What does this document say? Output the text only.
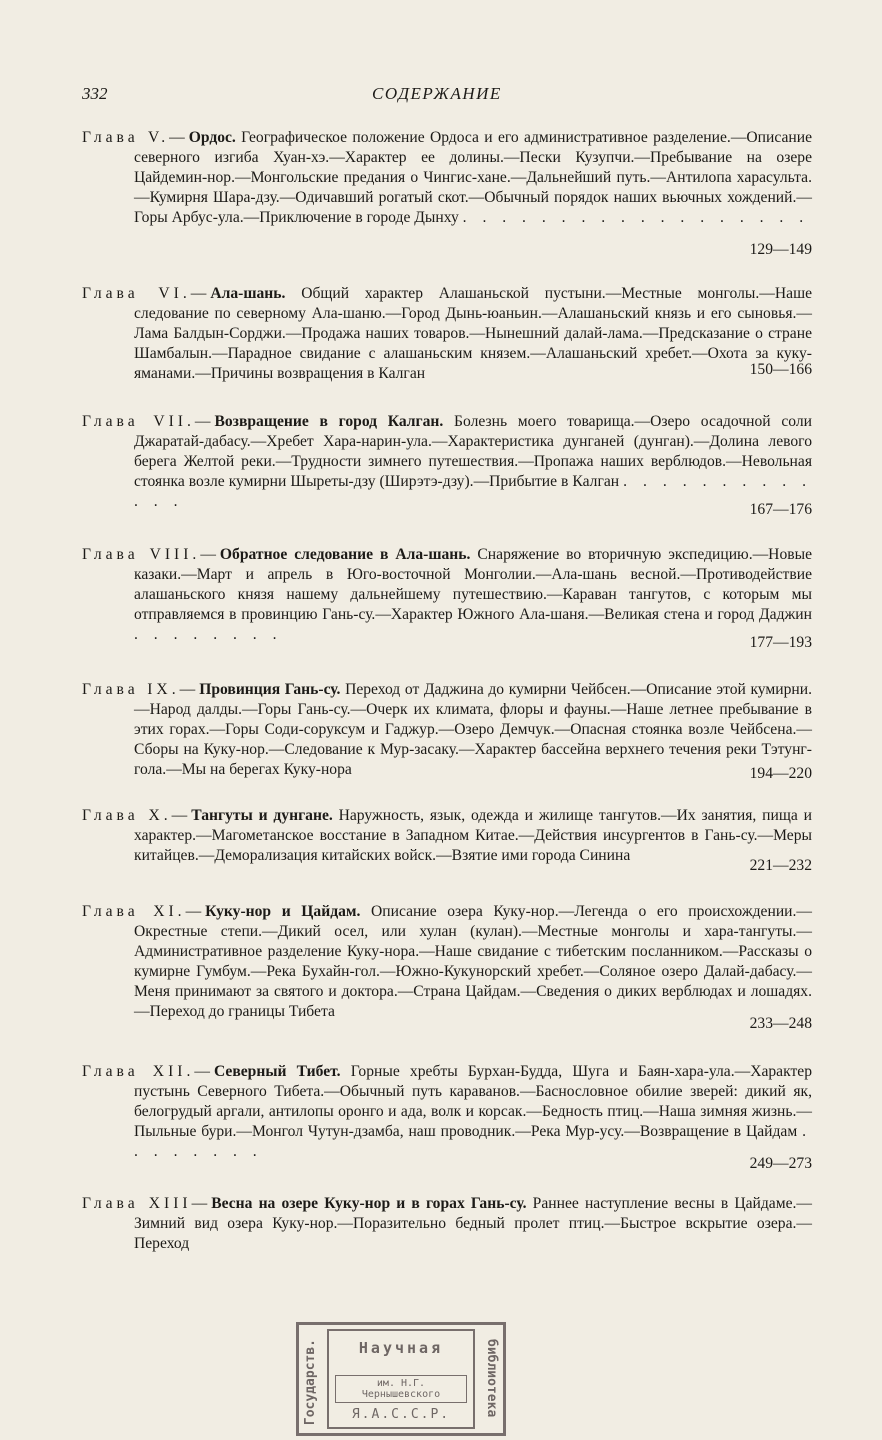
332	СОДЕРЖАНИЕ

Глава V.—Ордос. Географическое положение Ордоса и его административное разделение.—Описание северного изгиба Хуан-хэ.—Характер ее долины.—Пески Кузупчи.—Пребывание на озере Цайдемин-нор.—Монгольские предания о Чингис-хане.—Дальнейший путь.—Антилопа харасульта.—Кумирня Шара-дзу.—Одичавший рогатый скот.—Обычный порядок наших вьючных хождений.—Горы Арбус-ула.—Приключение в городе Дынху . . . . . . . . . . . . . . . . . .

129—149

Глава VI.—Ала-шань. Общий характер Алашаньской пустыни.—Местные монголы.—Наше следование по северному Ала-шаню.—Город Дынь-юаньин.—Алашаньский князь и его сыновья.—Лама Балдын-Сорджи.—Продажа наших товаров.—Нынешний далай-лама.—Предсказание о стране Шамбалын.—Парадное свидание с алашаньским князем.—Алашаньский хребет.—Охота за куку-яманами.—Причины возвращения в Калган	150—166

Глава VII.—Возвращение в город Калган. Болезнь моего товарища.—Озеро осадочной соли Джаратай-дабасу.—Хребет Хара-нарин-ула.—Характеристика дунганей (дунган).—Долина левого берега Желтой реки.—Трудности зимнего путешествия.—Пропажа наших верблюдов.—Невольная стоянка возле кумирни Шыреты-дзу (Ширэтэ-дзу).—Прибытие в Калган . . . . . . . . . . . . .	167—176

Глава VIII.—Обратное следование в Ала-шань. Снаряжение во вторичную экспедицию.—Новые казаки.—Март и апрель в Юго-восточной Монголии.—Ала-шань весной.—Противодействие алашаньского князя нашему дальнейшему путешествию.—Караван тангутов, с которым мы отправляемся в провинцию Гань-су.—Характер Южного Ала-шаня.—Великая стена и город Даджин . . . . . . . .	177—193

Глава IX.—Провинция Гань-су. Переход от Даджина до кумирни Чейбсен.—Описание этой кумирни.—Народ далды.—Горы Гань-су.—Очерк их климата, флоры и фауны.—Наше летнее пребывание в этих горах.—Горы Соди-соруксум и Гаджур.—Озеро Демчук.—Опасная стоянка возле Чейбсена.—Сборы на Куку-нор.—Следование к Мур-засаку.—Характер бассейна верхнего течения реки Тэтунг-гола.—Мы на берегах Куку-нора	194—220

Глава X.—Тангуты и дунгане. Наружность, язык, одежда и жилище тангутов.—Их занятия, пища и характер.—Магометанское восстание в Западном Китае.—Действия инсургентов в Гань-су.—Меры китайцев.—Деморализация китайских войск.—Взятие ими города Синина

221—232

Глава XI.—Куку-нор и Цайдам. Описание озера Куку-нор.—Легенда о его происхождении.—Окрестные степи.—Дикий осел, или хулан (кулан).—Местные монголы и хара-тангуты.—Административное разделение Куку-нора.—Наше свидание с тибетским посланником.—Рассказы о кумирне Гумбум.—Река Бухайн-гол.—Южно-Кукунорский хребет.—Соляное озеро Далай-дабасу.—Меня принимают за святого и доктора.—Страна Цайдам.—Сведения о диких верблюдах и лошадях.—Переход до границы Тибета

233—248

Глава XII.—Северный Тибет. Горные хребты Бурхан-Будда, Шуга и Баян-хара-ула.—Характер пустынь Северного Тибета.—Обычный путь караванов.—Баснословное обилие зверей: дикий як, белогрудый аргали, антилопы оронго и ада, волк и корсак.—Бедность птиц.—Наша зимняя жизнь.—Пыльные бури.—Монгол Чутун-дзамба, наш проводник.—Река Мур-усу.—Возвращение в Цайдам . . . . . . . .

249—273

Глава XIII—Весна на озере Куку-нор и в горах Гань-су. Раннее наступление весны в Цайдаме.—Зимний вид озера Куку-нор.—Поразительно бедный пролет птиц.—Быстрое вскрытие озера.—Переход

Научная
им. Н.Г. Чернышевского
Я.А.С.С.Р.
Государств.	библиотека
